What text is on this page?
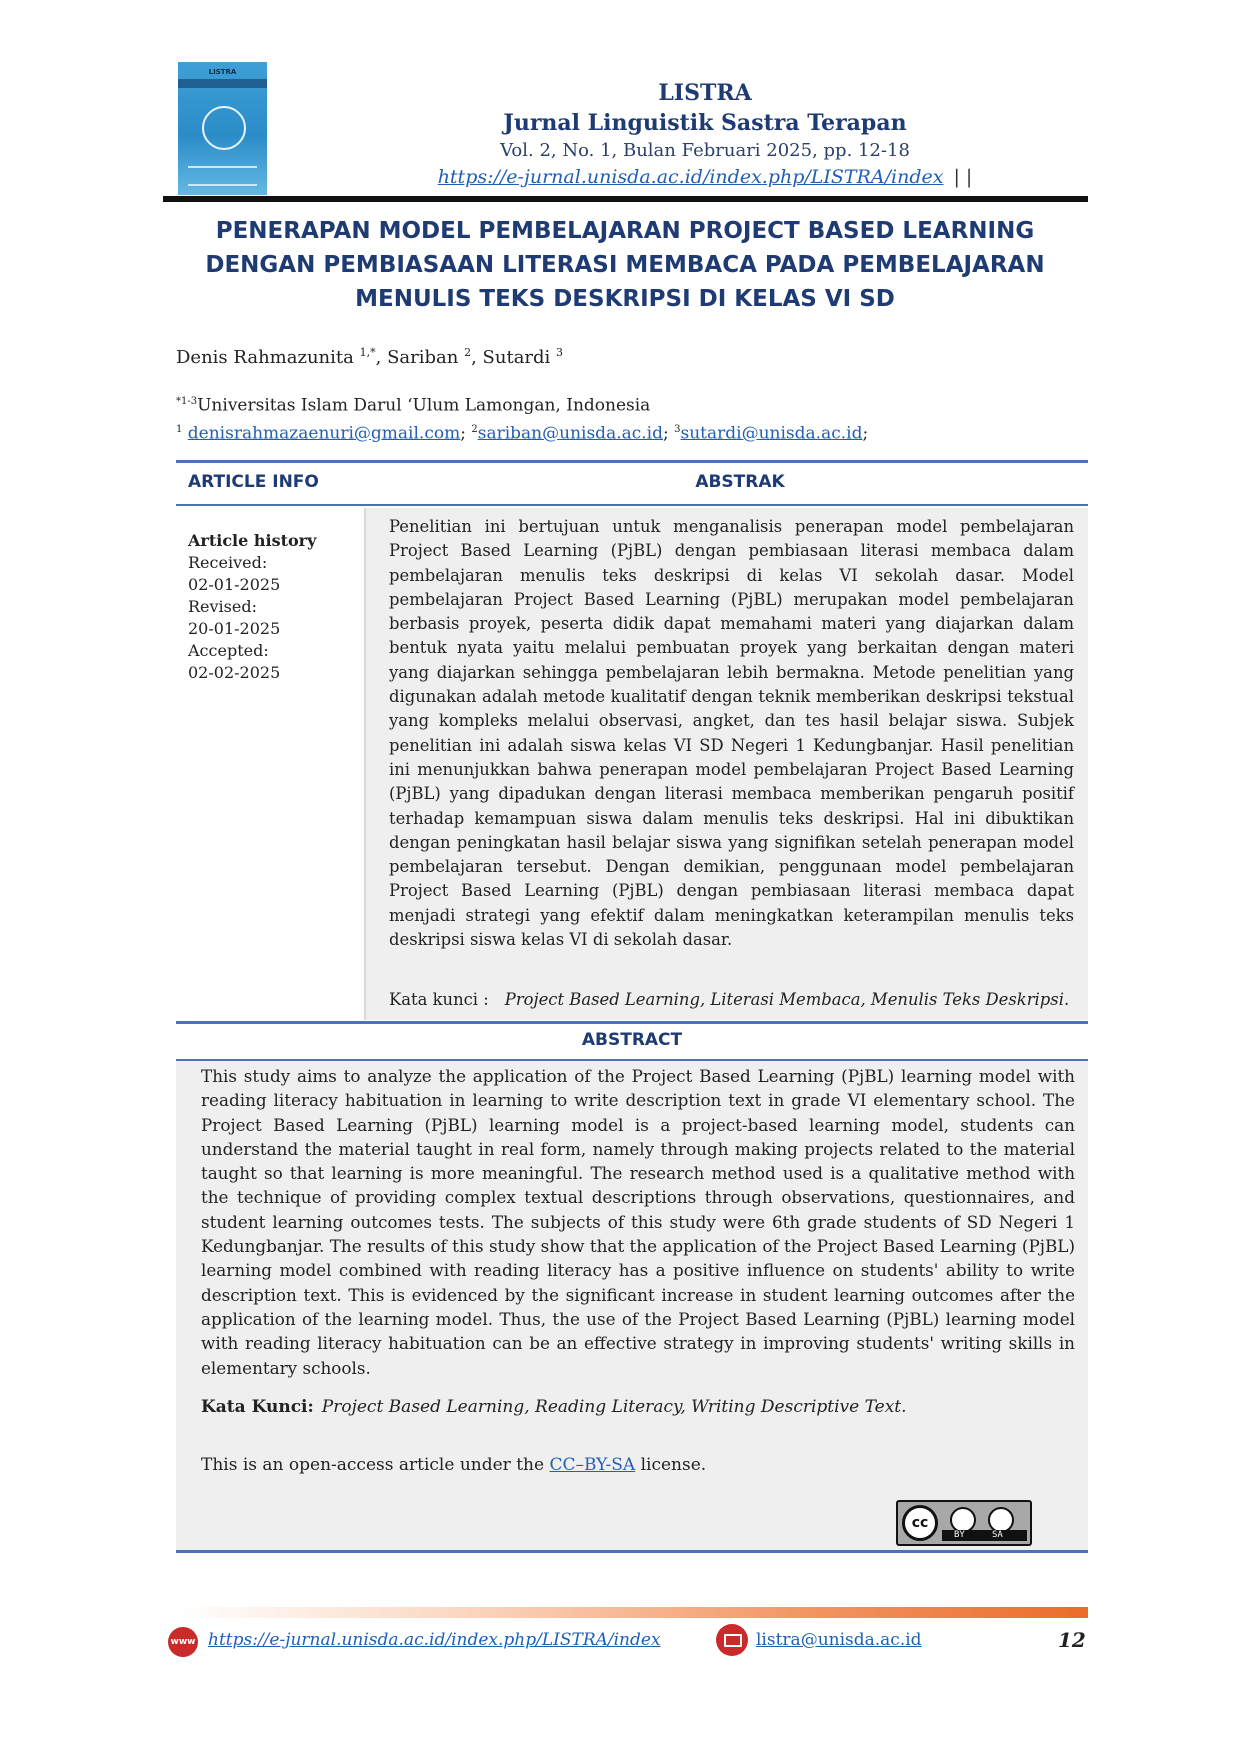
LISTRA
LISTRA
Jurnal Linguistik Sastra Terapan
Vol. 2, No. 1, Bulan Februari 2025, pp. 12-18
https://e-jurnal.unisda.ac.id/index.php/LISTRA/index | |
PENERAPAN MODEL PEMBELAJARAN PROJECT BASED LEARNING
DENGAN PEMBIASAAN LITERASI MEMBACA PADA PEMBELAJARAN
MENULIS TEKS DESKRIPSI DI KELAS VI SD
Denis Rahmazunita $^{1,*}$, Sariban $^2$, Sutardi $^3$
$^{*1-3}$Universitas Islam Darul ‘Ulum Lamongan, Indonesia
$^1$ denisrahmazaenuri@gmail.com; $^2$sariban@unisda.ac.id; $^3$sutardi@unisda.ac.id;
ARTICLE INFO	ABSTRAK
Article history
Received:
02-01-2025
Revised:
20-01-2025
Accepted:
02-02-2025
Penelitian ini bertujuan untuk menganalisis penerapan model pembelajaran Project Based Learning (PjBL) dengan pembiasaan literasi membaca dalam pembelajaran menulis teks deskripsi di kelas VI sekolah dasar. Model pembelajaran Project Based Learning (PjBL) merupakan model pembelajaran berbasis proyek, peserta didik dapat memahami materi yang diajarkan dalam bentuk nyata yaitu melalui pembuatan proyek yang berkaitan dengan materi yang diajarkan sehingga pembelajaran lebih bermakna. Metode penelitian yang digunakan adalah metode kualitatif dengan teknik memberikan deskripsi tekstual yang kompleks melalui observasi, angket, dan tes hasil belajar siswa. Subjek penelitian ini adalah siswa kelas VI SD Negeri 1 Kedungbanjar. Hasil penelitian ini menunjukkan bahwa penerapan model pembelajaran Project Based Learning (PjBL) yang dipadukan dengan literasi membaca memberikan pengaruh positif terhadap kemampuan siswa dalam menulis teks deskripsi. Hal ini dibuktikan dengan peningkatan hasil belajar siswa yang signifikan setelah penerapan model pembelajaran tersebut. Dengan demikian, penggunaan model pembelajaran Project Based Learning (PjBL) dengan pembiasaan literasi membaca dapat menjadi strategi yang efektif dalam meningkatkan keterampilan menulis teks deskripsi siswa kelas VI di sekolah dasar.
Kata kunci : Project Based Learning, Literasi Membaca, Menulis Teks Deskripsi.
ABSTRACT
This study aims to analyze the application of the Project Based Learning (PjBL) learning model with reading literacy habituation in learning to write description text in grade VI elementary school. The Project Based Learning (PjBL) learning model is a project-based learning model, students can understand the material taught in real form, namely through making projects related to the material taught so that learning is more meaningful. The research method used is a qualitative method with the technique of providing complex textual descriptions through observations, questionnaires, and student learning outcomes tests. The subjects of this study were 6th grade students of SD Negeri 1 Kedungbanjar. The results of this study show that the application of the Project Based Learning (PjBL) learning model combined with reading literacy has a positive influence on students' ability to write description text. This is evidenced by the significant increase in student learning outcomes after the application of the learning model. Thus, the use of the Project Based Learning (PjBL) learning model with reading literacy habituation can be an effective strategy in improving students' writing skills in elementary schools.
Kata Kunci: Project Based Learning, Reading Literacy, Writing Descriptive Text.
This is an open-access article under the CC–BY-SA license.
cc
BY	SA
www https://e-jurnal.unisda.ac.id/index.php/LISTRA/index	listra@unisda.ac.id	12
